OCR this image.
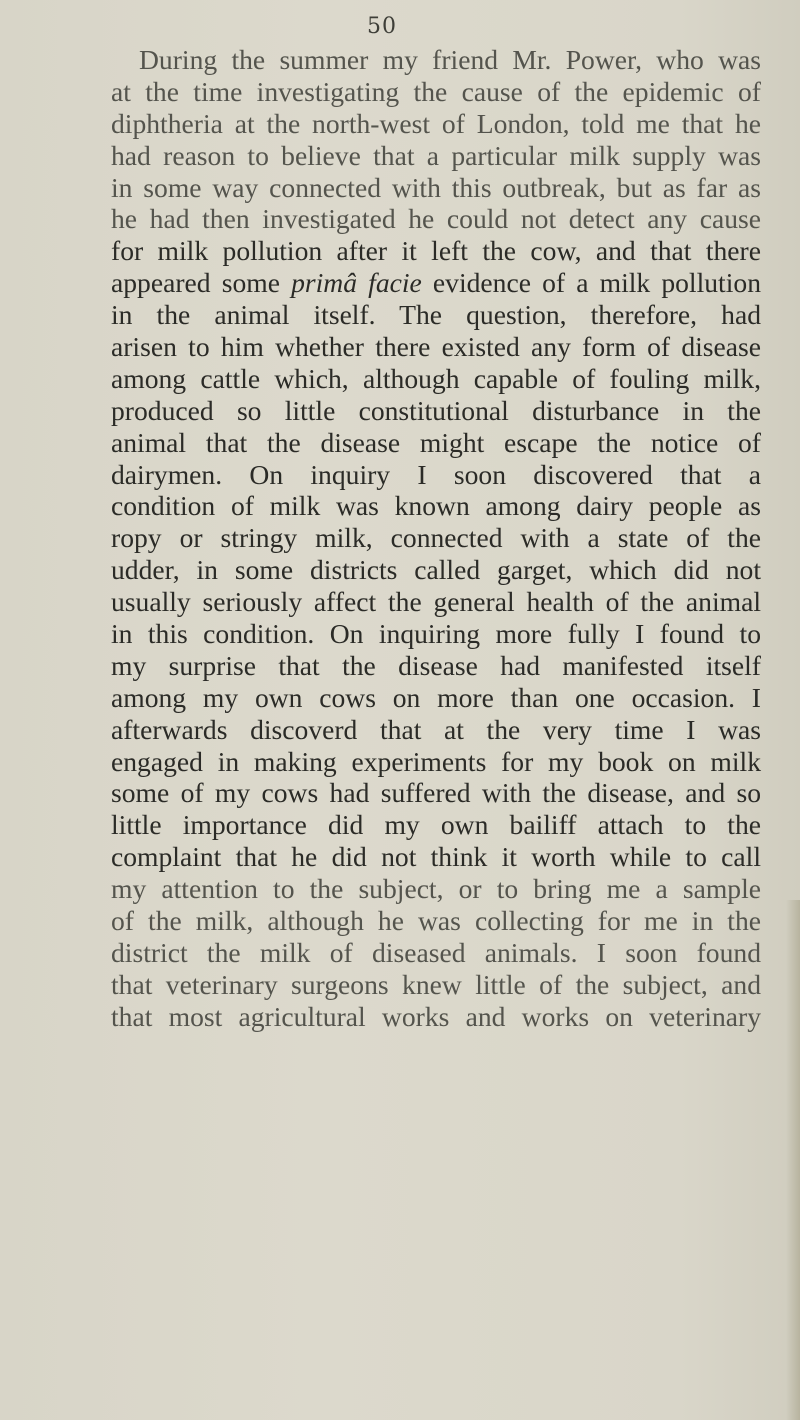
50
During the summer my friend Mr. Power, who was
at the time investigating the cause of the epidemic of
diphtheria at the north-west of London, told me that he
had reason to believe that a particular milk supply was
in some way connected with this outbreak, but as far as
he had then investigated he could not detect any cause
for milk pollution after it left the cow, and that there
appeared some primâ facie evidence of a milk pollution
in the animal itself. The question, therefore, had
arisen to him whether there existed any form of disease
among cattle which, although capable of fouling milk,
produced so little constitutional disturbance in the
animal that the disease might escape the notice of
dairymen. On inquiry I soon discovered that a
condition of milk was known among dairy people as
ropy or stringy milk, connected with a state of the
udder, in some districts called garget, which did not
usually seriously affect the general health of the animal
in this condition. On inquiring more fully I found to
my surprise that the disease had manifested itself
among my own cows on more than one occasion. I
afterwards discoverd that at the very time I was
engaged in making experiments for my book on milk
some of my cows had suffered with the disease, and so
little importance did my own bailiff attach to the
complaint that he did not think it worth while to call
my attention to the subject, or to bring me a sample
of the milk, although he was collecting for me in the
district the milk of diseased animals. I soon found
that veterinary surgeons knew little of the subject, and
that most agricultural works and works on veterinary
